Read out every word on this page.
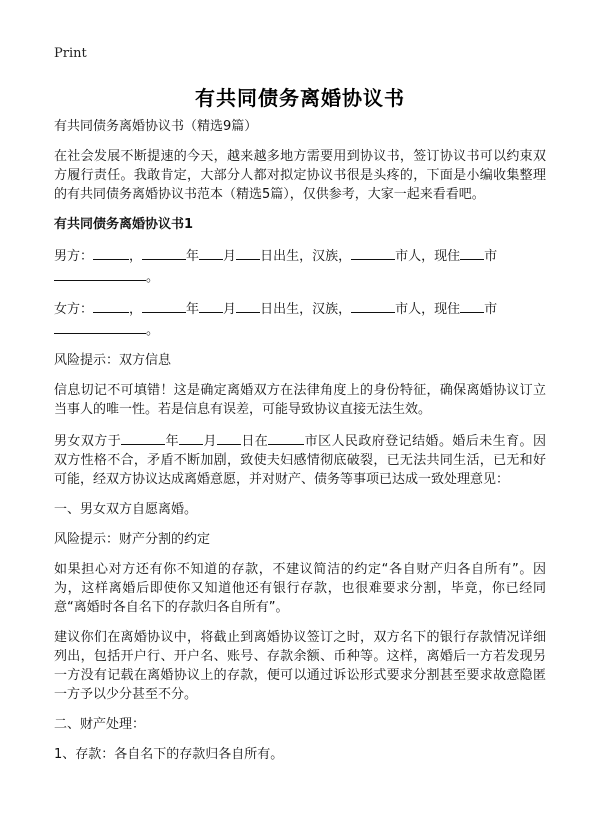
Print
有共同债务离婚协议书

有共同债务离婚协议书（精选9篇）

在社会发展不断提速的今天，越来越多地方需要用到协议书，签订协议书可以约束双方履行责任。我敢肯定，大部分人都对拟定协议书很是头疼的，下面是小编收集整理的有共同债务离婚协议书范本（精选5篇），仅供参考，大家一起来看看吧。

有共同债务离婚协议书1

男方：	，	年 月 日出生，汉族，	市人，现住 市
。

女方：	，	年 月 日出生，汉族，	市人，现住 市
。

风险提示：双方信息

信息切记不可填错！这是确定离婚双方在法律角度上的身份特征，确保离婚协议订立当事人的唯一性。若是信息有误差，可能导致协议直接无法生效。

男女双方于	年 月 日在	市区人民政府登记结婚。婚后未生育。因双方性格不合，矛盾不断加剧，致使夫妇感情彻底破裂，已无法共同生活，已无和好可能，经双方协议达成离婚意愿，并对财产、债务等事项已达成一致处理意见：

一、男女双方自愿离婚。

风险提示：财产分割的约定

如果担心对方还有你不知道的存款，不建议简洁的约定“各自财产归各自所有”。因为，这样离婚后即使你又知道他还有银行存款，也很难要求分割，毕竟，你已经同意“离婚时各自名下的存款归各自所有”。

建议你们在离婚协议中，将截止到离婚协议签订之时，双方名下的银行存款情况详细列出，包括开户行、开户名、账号、存款余额、币种等。这样，离婚后一方若发现另一方没有记载在离婚协议上的存款，便可以通过诉讼形式要求分割甚至要求故意隐匿一方予以少分甚至不分。

二、财产处理：

1、存款：各自名下的存款归各自所有。
